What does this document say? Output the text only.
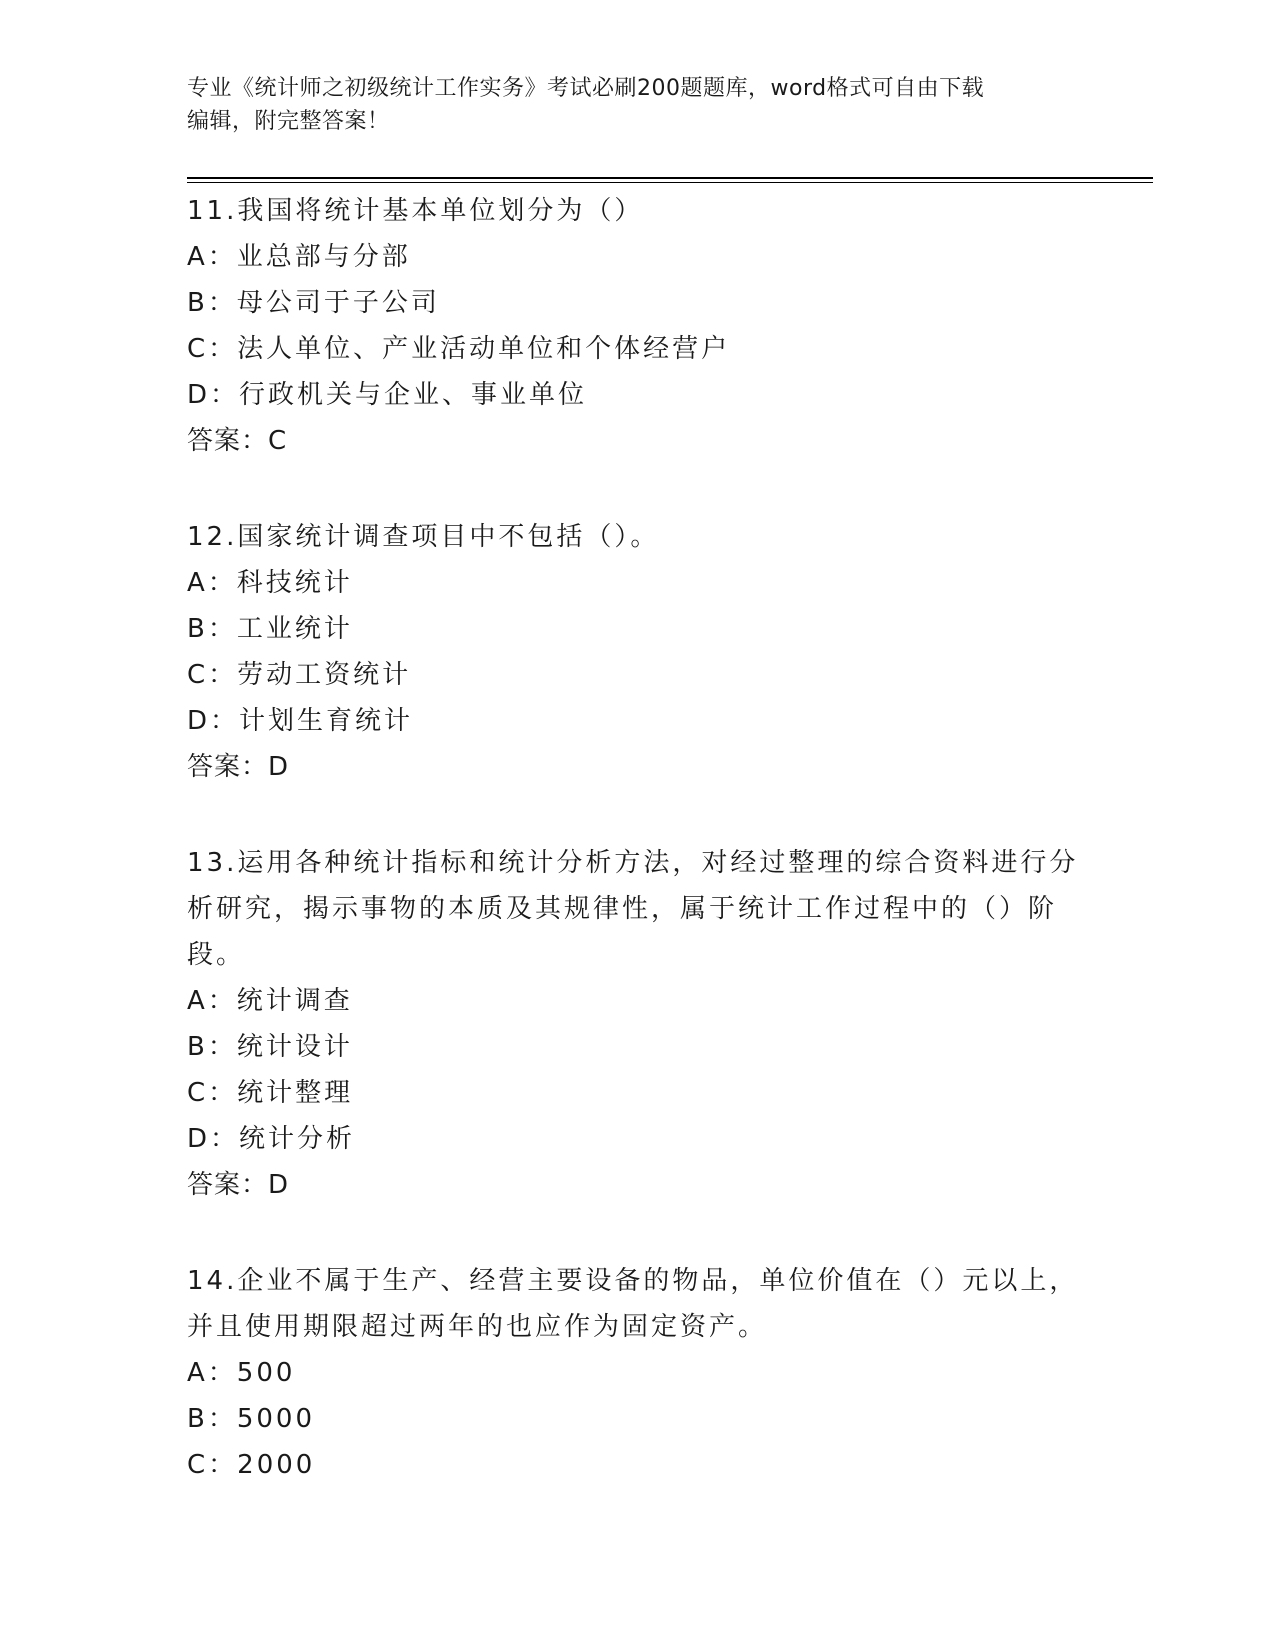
专业《统计师之初级统计工作实务》考试必刷200题题库，word格式可自由下载
编辑，附完整答案！
11.我国将统计基本单位划分为（）
A：业总部与分部
B：母公司于子公司
C：法人单位、产业活动单位和个体经营户
D：行政机关与企业、事业单位
答案：C
12.国家统计调查项目中不包括（）。
A：科技统计
B：工业统计
C：劳动工资统计
D：计划生育统计
答案：D
13.运用各种统计指标和统计分析方法，对经过整理的综合资料进行分析研究，揭示事物的本质及其规律性，属于统计工作过程中的（）阶段。
A：统计调查
B：统计设计
C：统计整理
D：统计分析
答案：D
14.企业不属于生产、经营主要设备的物品，单位价值在（）元以上，并且使用期限超过两年的也应作为固定资产。
A：500
B：5000
C：2000
